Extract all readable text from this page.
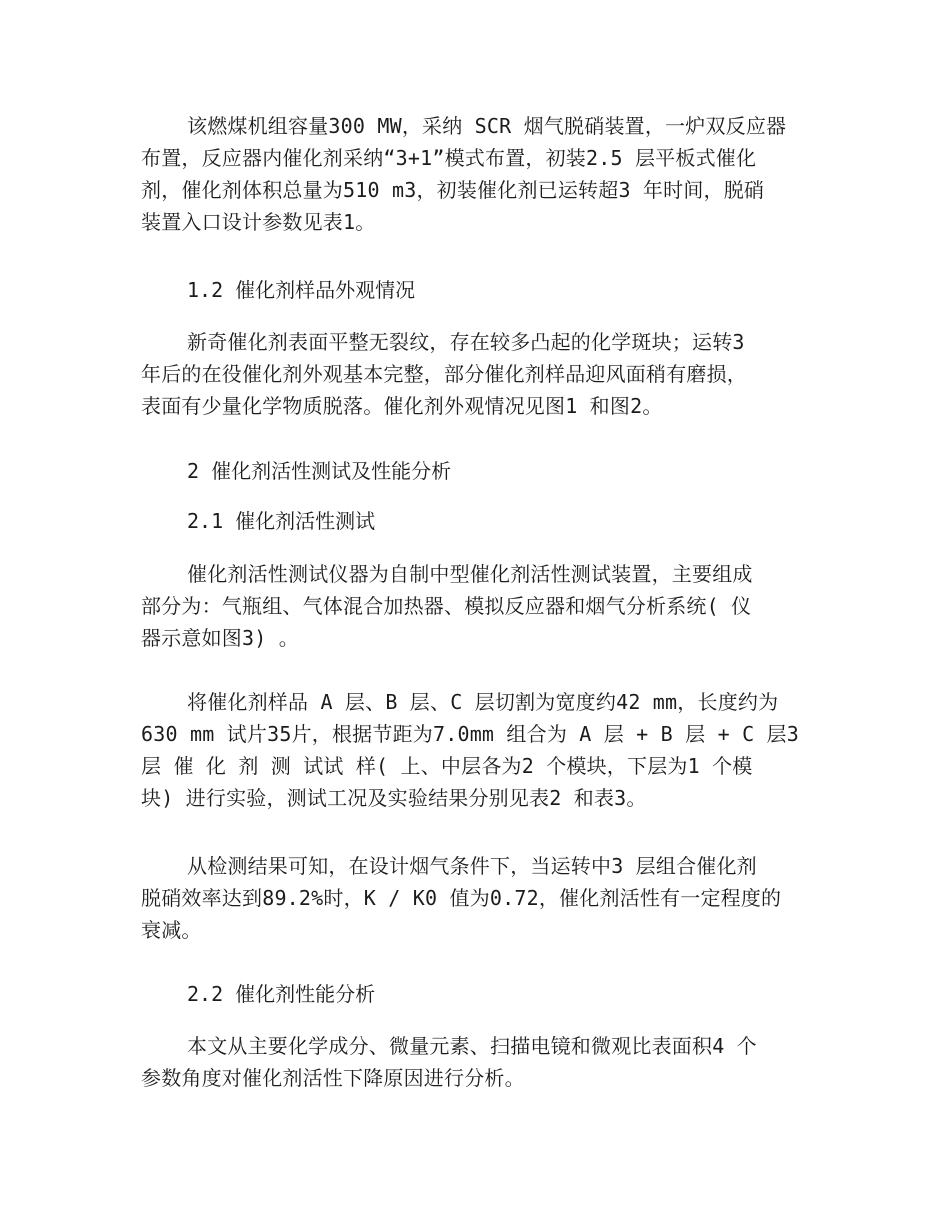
该燃煤机组容量300 MW，采纳 SCR 烟气脱硝装置，一炉双反应器
布置，反应器内催化剂采纳“3+1”模式布置，初装2.5 层平板式催化
剂，催化剂体积总量为510 m3，初装催化剂已运转超3 年时间，脱硝
装置入口设计参数见表1。
1.2 催化剂样品外观情况
新奇催化剂表面平整无裂纹，存在较多凸起的化学斑块；运转3
年后的在役催化剂外观基本完整，部分催化剂样品迎风面稍有磨损，
表面有少量化学物质脱落。催化剂外观情况见图1 和图2。
2 催化剂活性测试及性能分析
2.1 催化剂活性测试
催化剂活性测试仪器为自制中型催化剂活性测试装置，主要组成
部分为：气瓶组、气体混合加热器、模拟反应器和烟气分析系统( 仪
器示意如图3) 。
将催化剂样品 A 层、B 层、C 层切割为宽度约42 mm，长度约为
630 mm 试片35片，根据节距为7.0mm 组合为 A 层 + B 层 + C 层3
层 催 化 剂 测 试试 样( 上、中层各为2 个模块，下层为1 个模
块) 进行实验，测试工况及实验结果分别见表2 和表3。
从检测结果可知，在设计烟气条件下，当运转中3 层组合催化剂
脱硝效率达到89.2%时，K / K0 值为0.72，催化剂活性有一定程度的
衰减。
2.2 催化剂性能分析
本文从主要化学成分、微量元素、扫描电镜和微观比表面积4 个
参数角度对催化剂活性下降原因进行分析。
